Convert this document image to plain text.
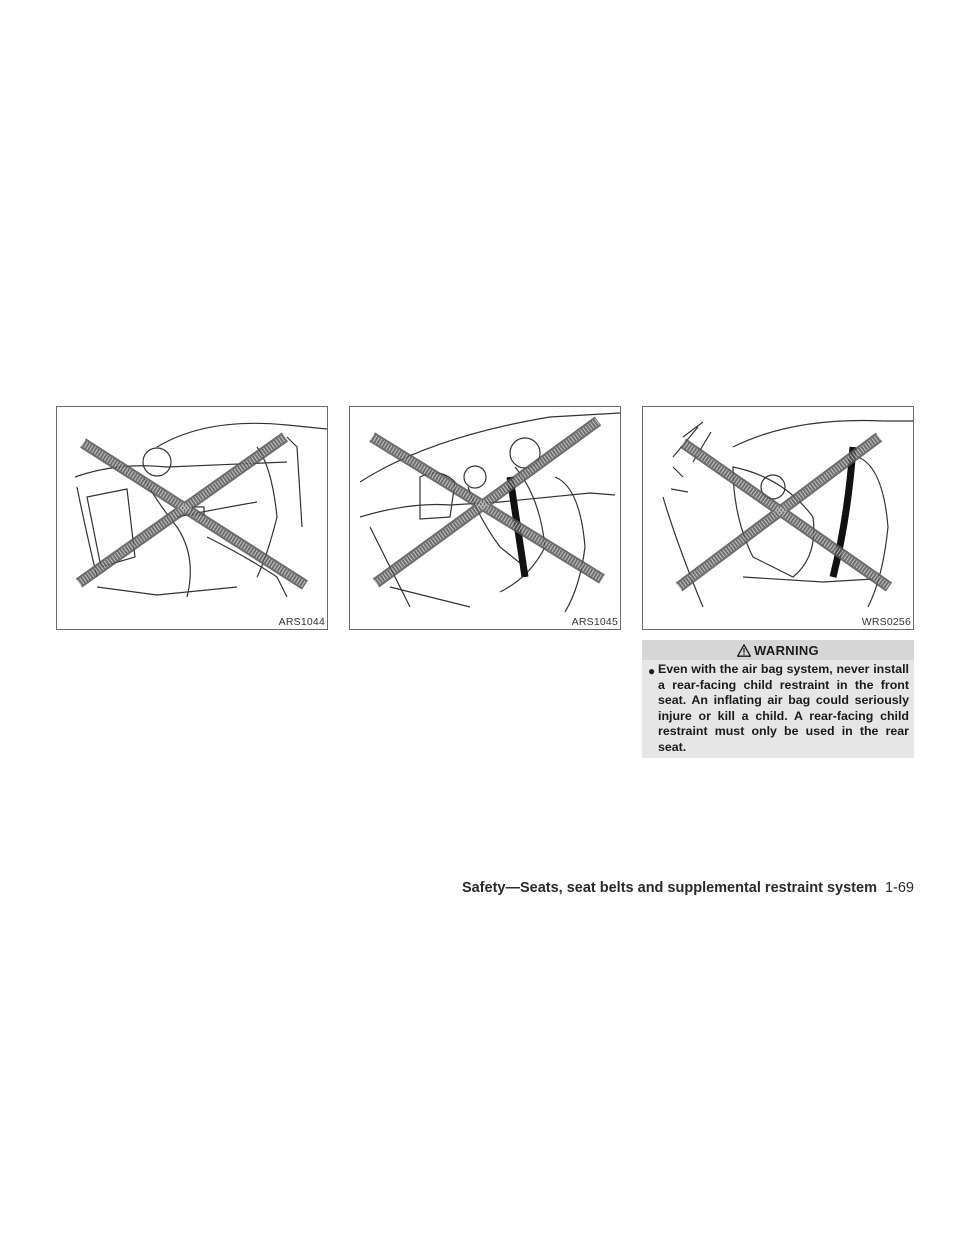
ARS1044	ARS1045	WRS0256
WARNING
● Even with the air bag system, never install a rear-facing child restraint in the front seat. An inflating air bag could seriously injure or kill a child. A rear-facing child restraint must only be used in the rear seat.
Safety—Seats, seat belts and supplemental restraint system 1-69
